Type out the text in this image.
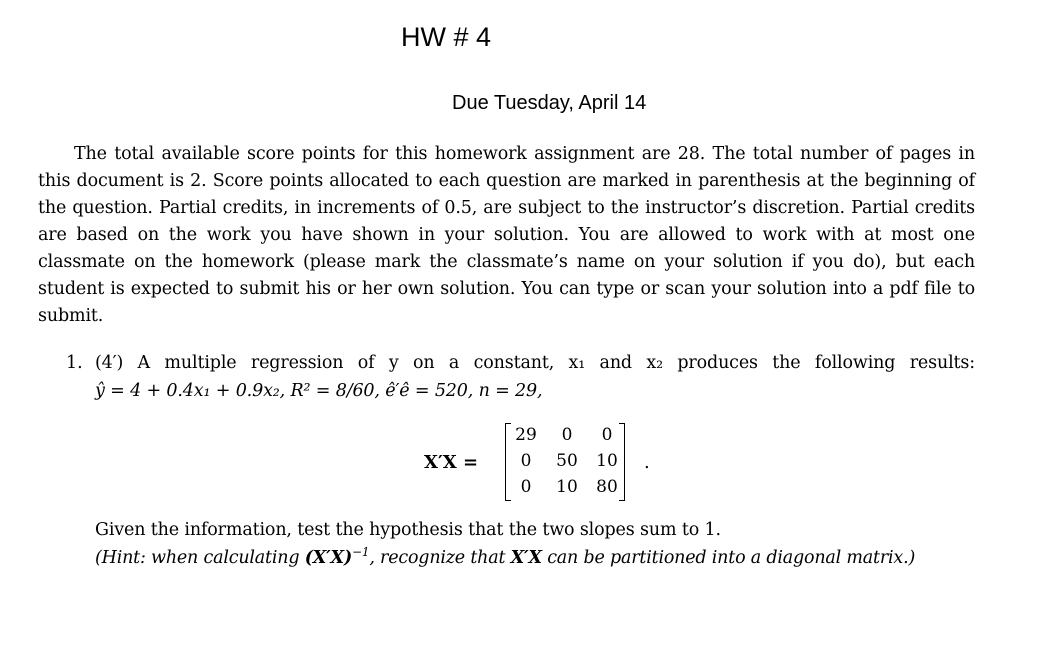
HW # 4
Due Tuesday, April 14

The total available score points for this homework assignment are 28. The total number of pages in this document is 2. Score points allocated to each question are marked in parenthesis at the beginning of the question. Partial credits, in increments of 0.5, are subject to the instructor’s discretion. Partial credits are based on the work you have shown in your solution. You are allowed to work with at most one classmate on the homework (please mark the classmate’s name on your solution if you do), but each student is expected to submit his or her own solution. You can type or scan your solution into a pdf file to submit.

1. (4′) A multiple regression of y on a constant, x₁ and x₂ produces the following results:
ŷ = 4 + 0.4x₁ + 0.9x₂, R² = 8/60, ê′ê = 520, n = 29,
X′X =
29	0	0
0	50	10
0	10	80
.
Given the information, test the hypothesis that the two slopes sum to 1.

(Hint: when calculating $(X'X)^{-1}$, recognize that X′X can be partitioned into a diagonal matrix.)
